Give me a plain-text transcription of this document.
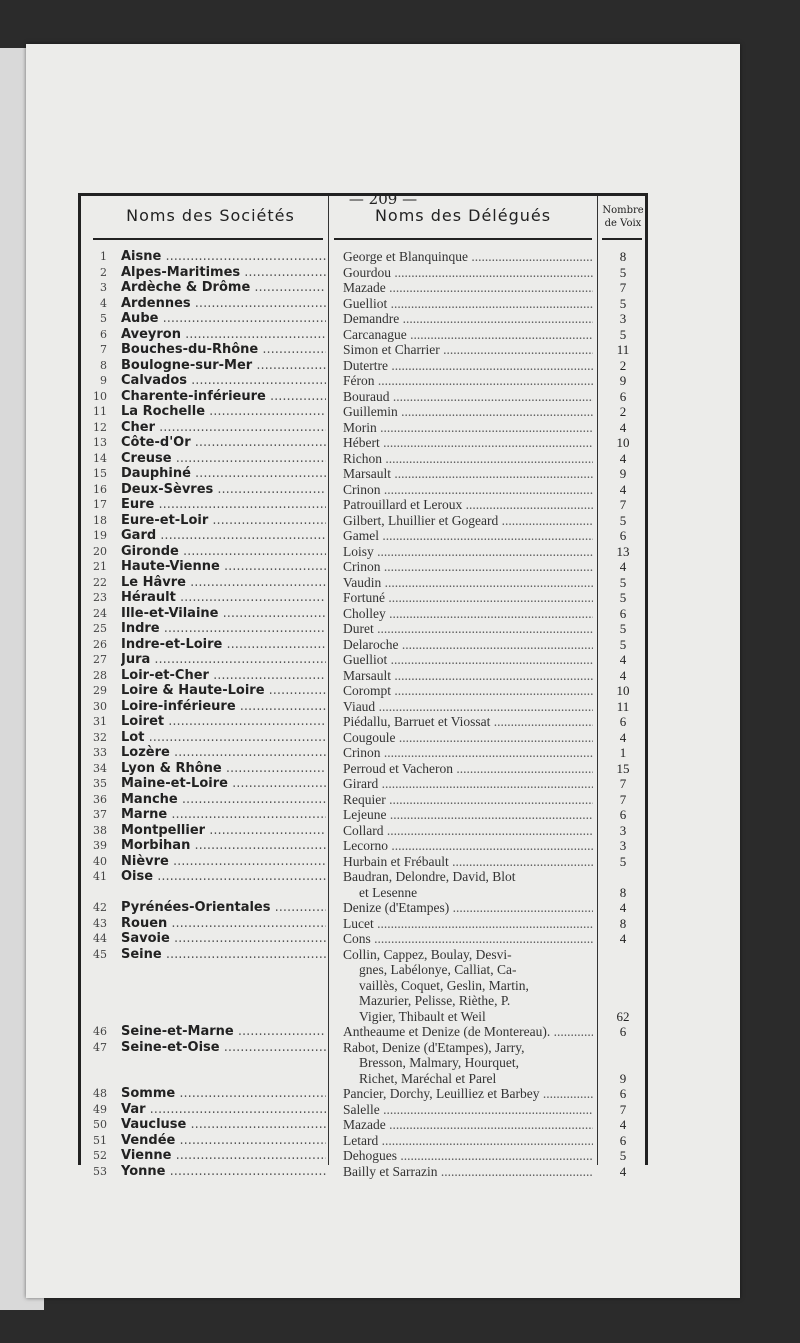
— 209 —
Noms des Sociétés	Noms des Délégués	Nombre de Voix
1 Aisne .....	George et Blanquinque .....	8
2 Alpes-Maritimes .....	Gourdou .....	5
3 Ardèche & Drôme .....	Mazade .....	7
4 Ardennes .....	Guelliot .....	5
5 Aube .....	Demandre .....	3
6 Aveyron .....	Carcanague .....	5
7 Bouches-du-Rhône .....	Simon et Charrier .....	11
8 Boulogne-sur-Mer .....	Dutertre .....	2
9 Calvados .....	Féron .....	9
10 Charente-inférieure .....	Bouraud .....	6
11 La Rochelle .....	Guillemin .....	2
12 Cher .....	Morin .....	4
13 Côte-d'Or .....	Hébert .....	10
14 Creuse .....	Richon .....	4
15 Dauphiné .....	Marsault .....	9
16 Deux-Sèvres .....	Crinon .....	4
17 Eure .....	Patrouillard et Leroux .....	7
18 Eure-et-Loir .....	Gilbert, Lhuillier et Gogeard .....	5
19 Gard .....	Gamel .....	6
20 Gironde .....	Loisy .....	13
21 Haute-Vienne .....	Crinon .....	4
22 Le Hâvre .....	Vaudin .....	5
23 Hérault .....	Fortuné .....	5
24 Ille-et-Vilaine .....	Cholley .....	6
25 Indre .....	Duret .....	5
26 Indre-et-Loire .....	Delaroche .....	5
27 Jura .....	Guelliot .....	4
28 Loir-et-Cher .....	Marsault .....	4
29 Loire & Haute-Loire .....	Corompt .....	10
30 Loire-inférieure .....	Viaud .....	11
31 Loiret .....	Piédallu, Barruet et Viossat .....	6
32 Lot .....	Cougoule .....	4
33 Lozère .....	Crinon .....	1
34 Lyon & Rhône .....	Perroud et Vacheron .....	15
35 Maine-et-Loire .....	Girard .....	7
36 Manche .....	Requier .....	7
37 Marne .....	Lejeune .....	6
38 Montpellier .....	Collard .....	3
39 Morbihan .....	Lecorno .....	3
40 Nièvre .....	Hurbain et Frébault .....	5
41 Oise .....	Baudran, Delondre, David, Blot
et Lesenne	8
42 Pyrénées-Orientales .....	Denize (d'Etampes) .....	4
43 Rouen .....	Lucet .....	8
44 Savoie .....	Cons .....	4
45 Seine .....	Collin, Cappez, Boulay, Desvi-
gnes, Labélonye, Calliat, Ca-
vaillès, Coquet, Geslin, Martin,
Mazurier, Pelisse, Rièthe, P.
Vigier, Thibault et Weil	62
46 Seine-et-Marne .....	Antheaume et Denize (de Montereau). .....	6
47 Seine-et-Oise .....	Rabot, Denize (d'Etampes), Jarry,
Bresson, Malmary, Hourquet,
Richet, Maréchal et Parel	9
48 Somme .....	Pancier, Dorchy, Leuilliez et Barbey .....	6
49 Var .....	Salelle .....	7
50 Vaucluse .....	Mazade .....	4
51 Vendée .....	Letard .....	6
52 Vienne .....	Dehogues .....	5
53 Yonne .....	Bailly et Sarrazin .....	4
